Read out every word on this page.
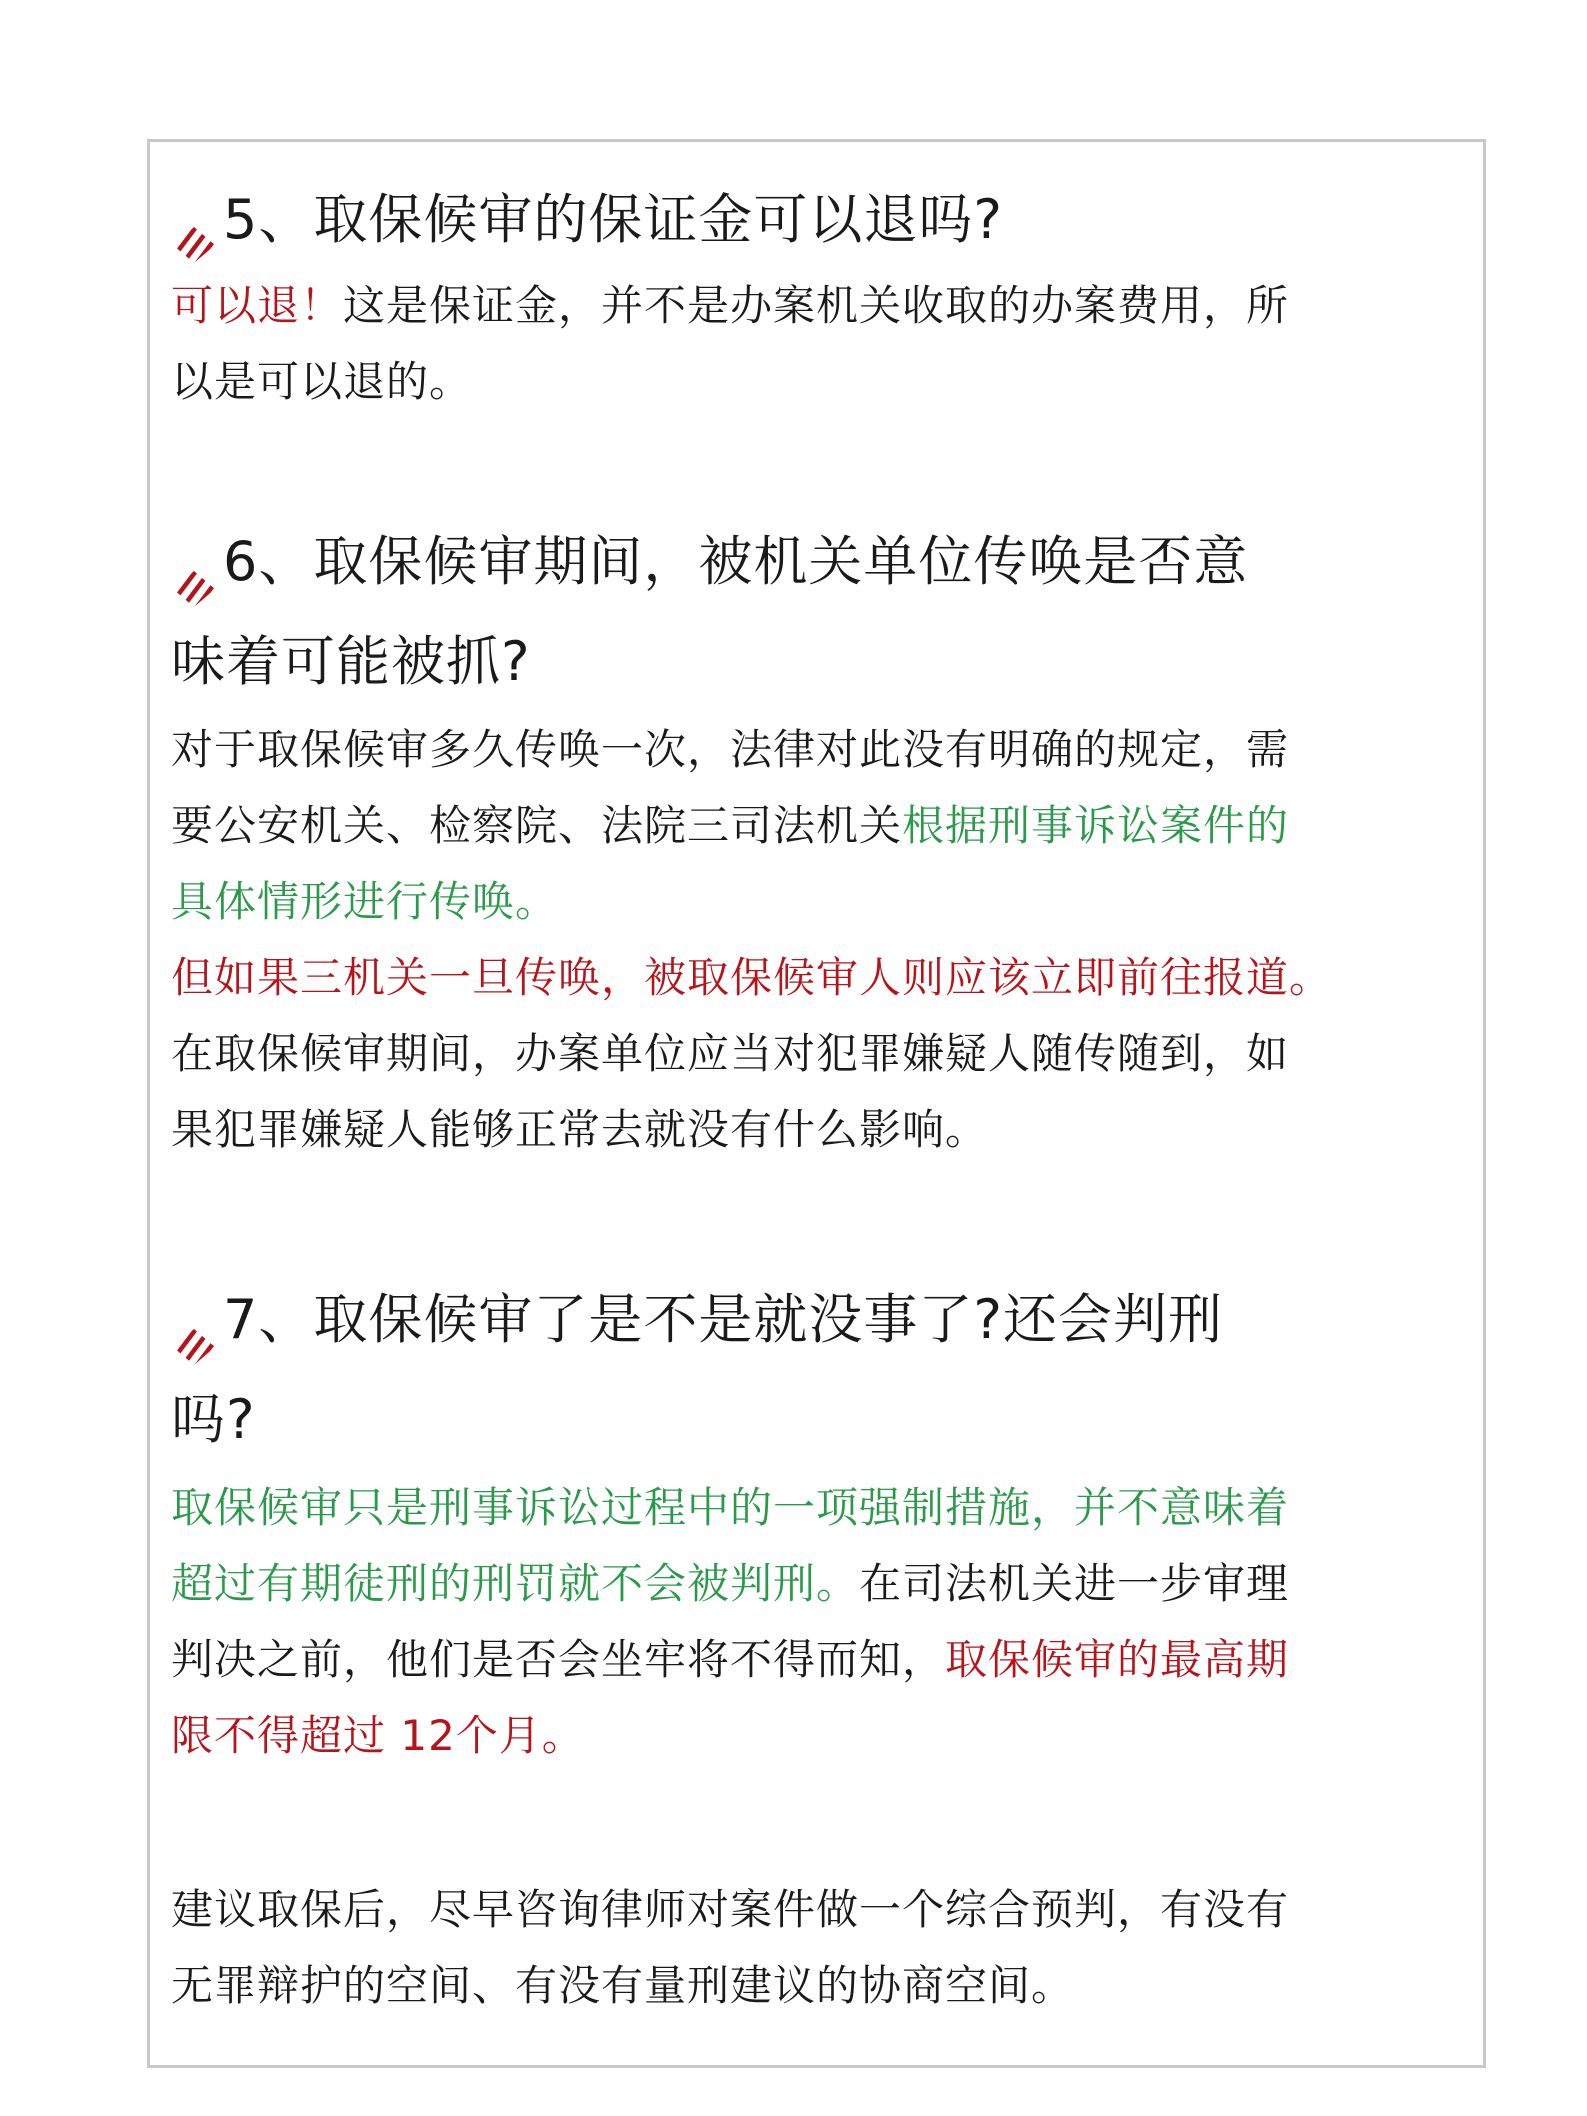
5、取保候审的保证金可以退吗?

可以退！这是保证金，并不是办案机关收取的办案费用，所
以是可以退的。

6、取保候审期间，被机关单位传唤是否意
味着可能被抓?

对于取保候审多久传唤一次，法律对此没有明确的规定，需
要公安机关、检察院、法院三司法机关根据刑事诉讼案件的
具体情形进行传唤。

但如果三机关一旦传唤，被取保候审人则应该立即前往报道。

在取保候审期间，办案单位应当对犯罪嫌疑人随传随到，如
果犯罪嫌疑人能够正常去就没有什么影响。

7、取保候审了是不是就没事了?还会判刑
吗?

取保候审只是刑事诉讼过程中的一项强制措施，并不意味着
超过有期徒刑的刑罚就不会被判刑。在司法机关进一步审理
判决之前，他们是否会坐牢将不得而知，取保候审的最高期
限不得超过 12个月。

建议取保后，尽早咨询律师对案件做一个综合预判，有没有
无罪辩护的空间、有没有量刑建议的协商空间。
